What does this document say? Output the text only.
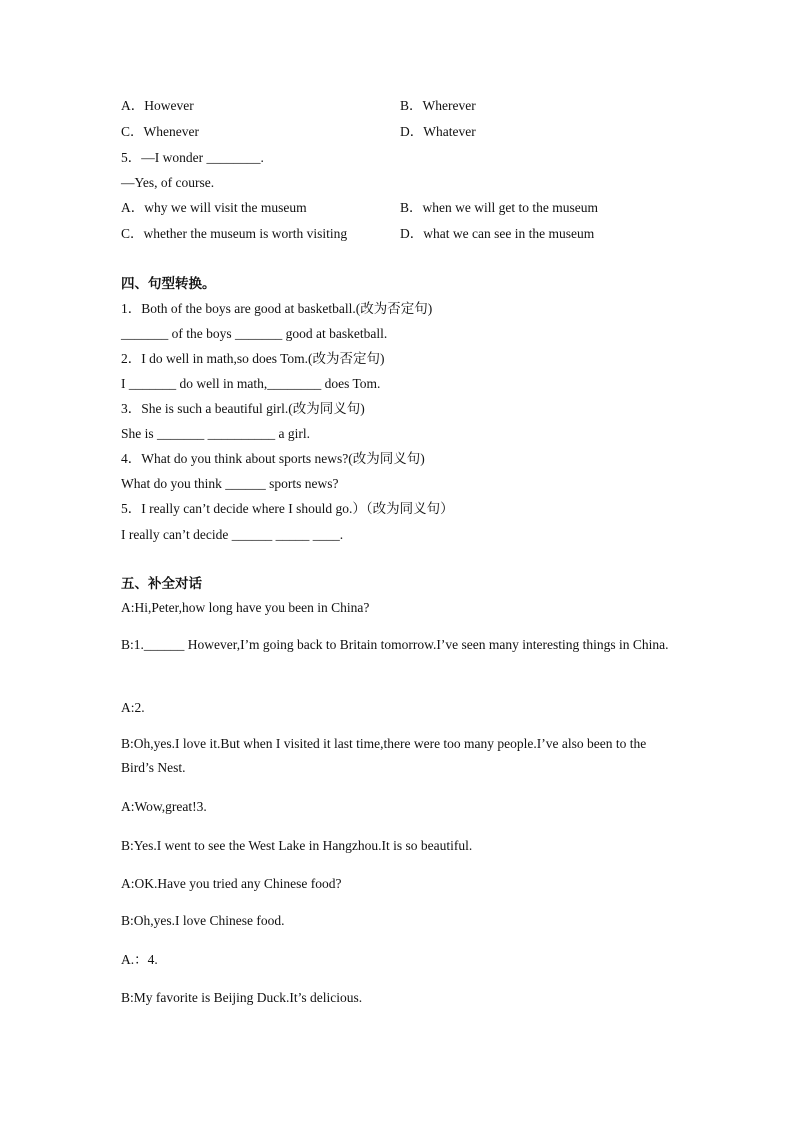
A．However	B．Wherever
C．Whenever	D．Whatever
5．—I wonder ________.
—Yes, of course.
A．why we will visit the museum	B．when we will get to the museum
C．whether the museum is worth visiting	D．what we can see in the museum
四、句型转换。
1．Both of the boys are good at basketball.(改为否定句)
_______ of the boys _______ good at basketball.
2．I do well in math,so does Tom.(改为否定句)
I _______ do well in math,________ does Tom.
3．She is such a beautiful girl.(改为同义句)
She is _______ __________ a girl.
4．What do you think about sports news?(改为同义句)
What do you think ______ sports news?
5．I really can’t decide where I should go.）（改为同义句）
I really can’t decide ______ _____ ____.
五、补全对话
A:Hi,Peter,how long have you been in China?
B:1.______ However,I’m going back to Britain tomorrow.I’ve seen many interesting things in China.
A:2.
B:Oh,yes.I love it.But when I visited it last time,there were too many people.I’ve also been to the Bird’s Nest.
A:Wow,great!3.
B:Yes.I went to see the West Lake in Hangzhou.It is so beautiful.
A:OK.Have you tried any Chinese food?
B:Oh,yes.I love Chinese food.
A.：4.
B:My favorite is Beijing Duck.It’s delicious.
